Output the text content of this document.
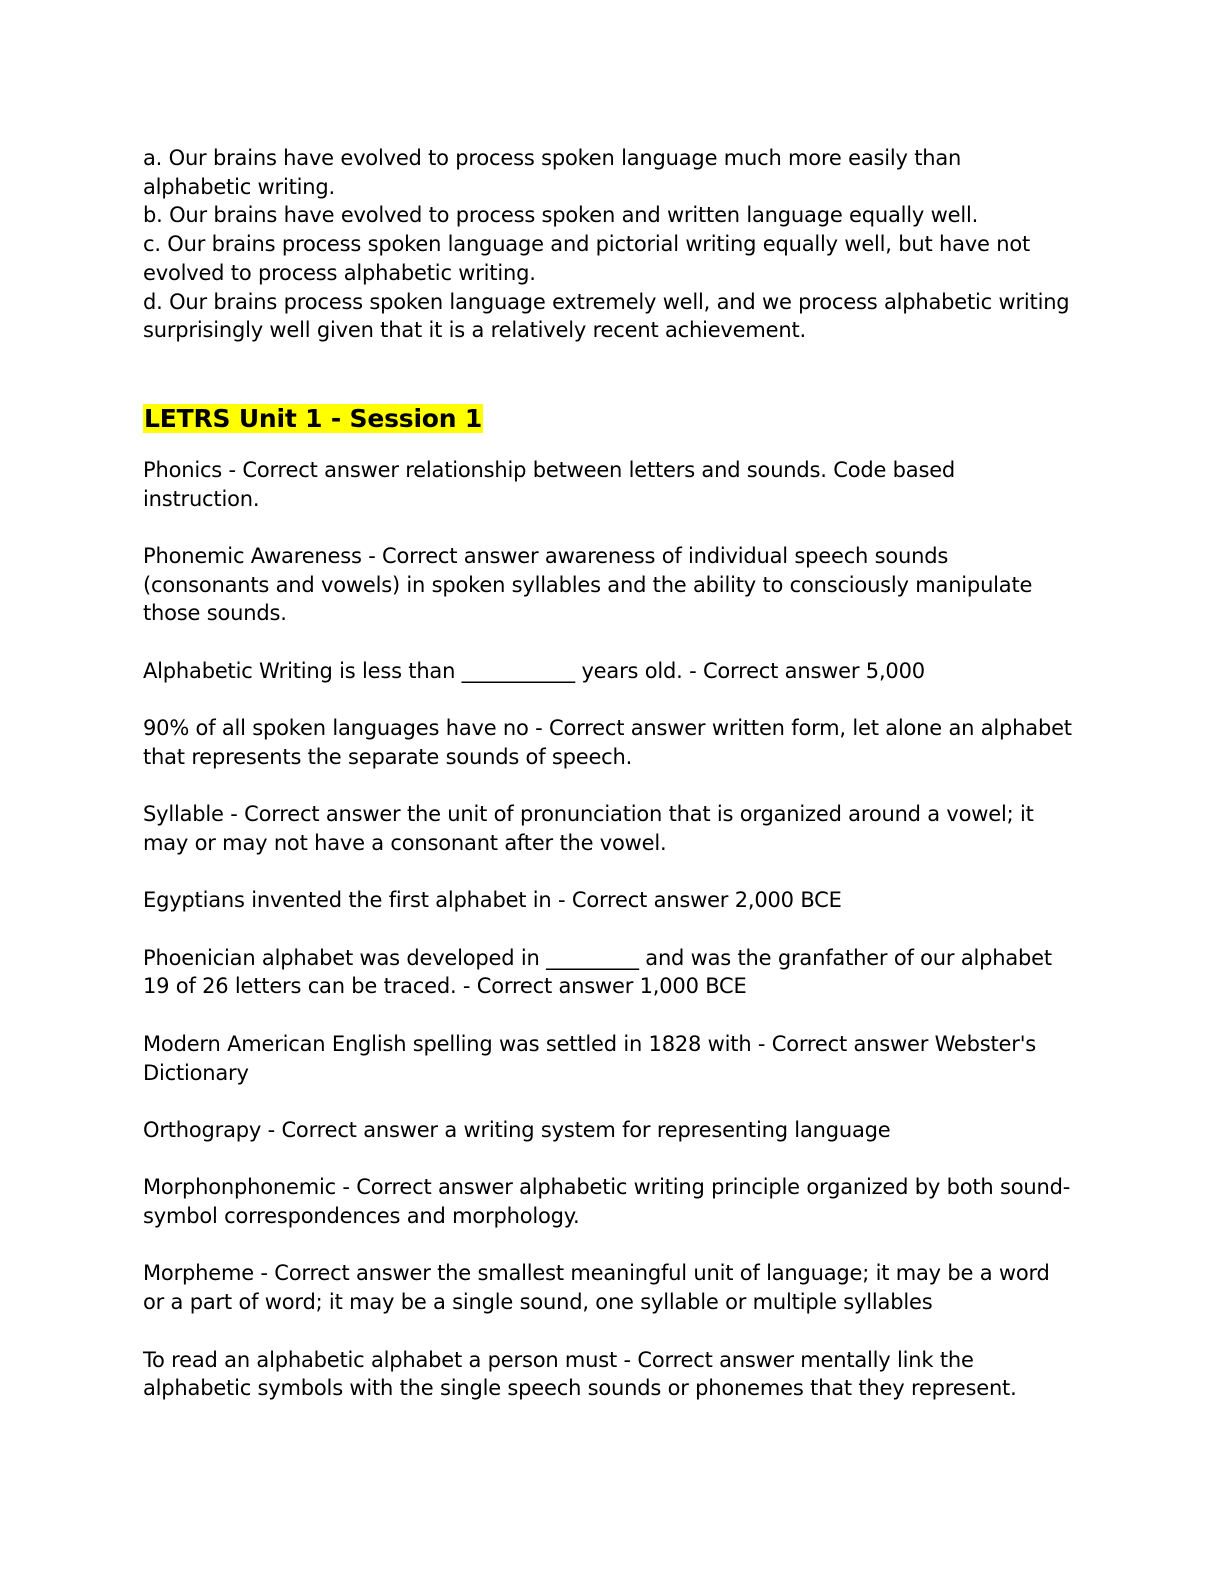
a. Our brains have evolved to process spoken language much more easily than alphabetic writing.

b. Our brains have evolved to process spoken and written language equally well.

c. Our brains process spoken language and pictorial writing equally well, but have not evolved to process alphabetic writing.

d. Our brains process spoken language extremely well, and we process alphabetic writing surprisingly well given that it is a relatively recent achievement.

LETRS Unit 1 - Session 1

Phonics - Correct answer relationship between letters and sounds. Code based instruction.

Phonemic Awareness - Correct answer awareness of individual speech sounds (consonants and vowels) in spoken syllables and the ability to consciously manipulate those sounds.

Alphabetic Writing is less than ___________ years old. - Correct answer 5,000

90% of all spoken languages have no - Correct answer written form, let alone an alphabet that represents the separate sounds of speech.

Syllable - Correct answer the unit of pronunciation that is organized around a vowel; it may or may not have a consonant after the vowel.

Egyptians invented the first alphabet in - Correct answer 2,000 BCE

Phoenician alphabet was developed in _________ and was the granfather of our alphabet 19 of 26 letters can be traced. - Correct answer 1,000 BCE

Modern American English spelling was settled in 1828 with - Correct answer Webster's Dictionary

Orthograpy - Correct answer a writing system for representing language

Morphonphonemic - Correct answer alphabetic writing principle organized by both sound-symbol correspondences and morphology.

Morpheme - Correct answer the smallest meaningful unit of language; it may be a word or a part of word; it may be a single sound, one syllable or multiple syllables

To read an alphabetic alphabet a person must - Correct answer mentally link the alphabetic symbols with the single speech sounds or phonemes that they represent.
